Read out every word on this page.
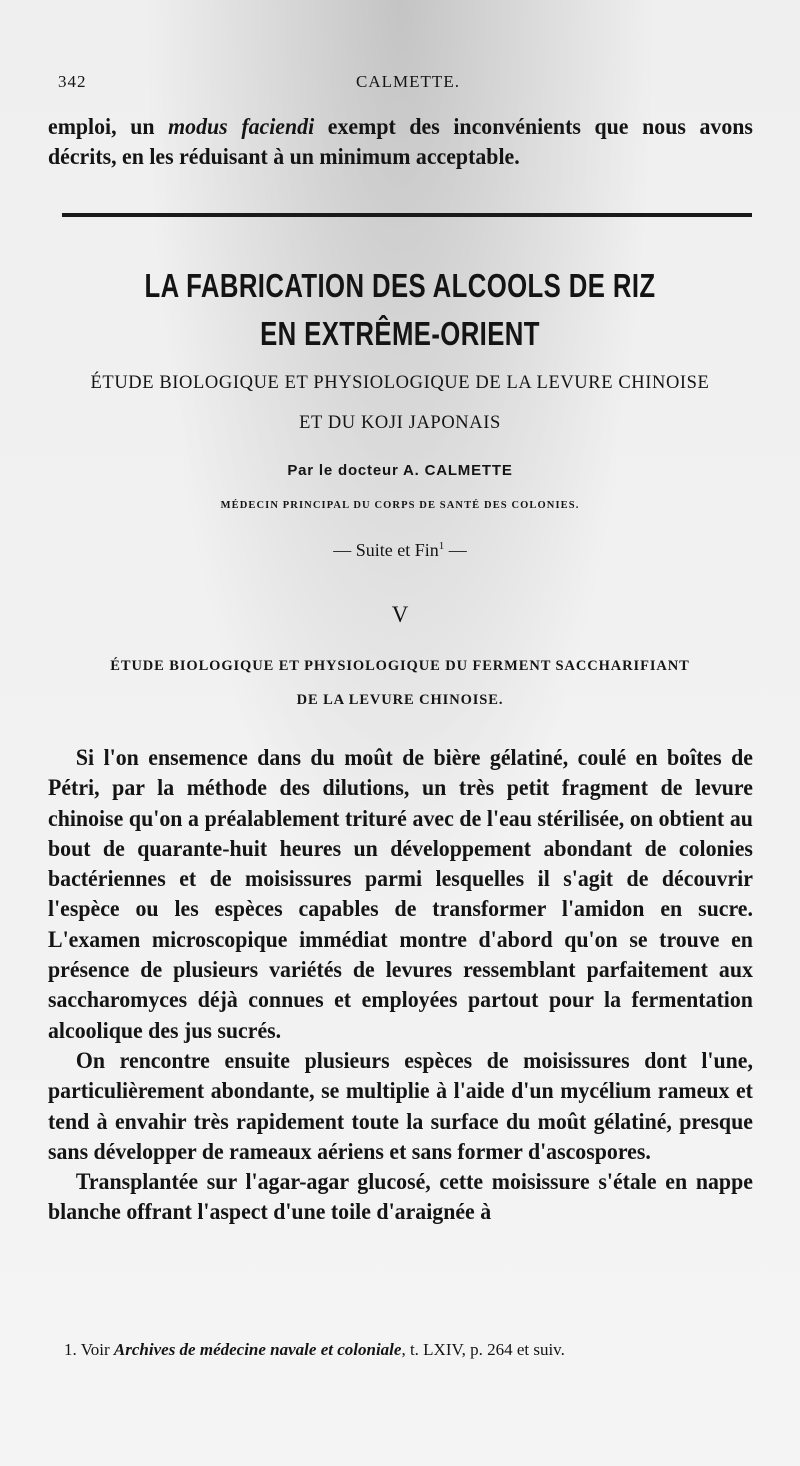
342	CALMETTE.

emploi, un modus faciendi exempt des inconvénients que nous avons décrits, en les réduisant à un minimum acceptable.

LA FABRICATION DES ALCOOLS DE RIZ
EN EXTRÊME-ORIENT
ÉTUDE BIOLOGIQUE ET PHYSIOLOGIQUE DE LA LEVURE CHINOISE
ET DU KOJI JAPONAIS
Par le docteur A. CALMETTE
MÉDECIN PRINCIPAL DU CORPS DE SANTÉ DES COLONIES.
— Suite et Fin$^1$ —
V
ÉTUDE BIOLOGIQUE ET PHYSIOLOGIQUE DU FERMENT SACCHARIFIANT
DE LA LEVURE CHINOISE.

Si l'on ensemence dans du moût de bière gélatiné, coulé en boîtes de Pétri, par la méthode des dilutions, un très petit fragment de levure chinoise qu'on a préalablement trituré avec de l'eau stérilisée, on obtient au bout de quarante-huit heures un développement abondant de colonies bactériennes et de moisissures parmi lesquelles il s'agit de découvrir l'espèce ou les espèces capables de transformer l'amidon en sucre. L'examen microscopique immédiat montre d'abord qu'on se trouve en présence de plusieurs variétés de levures ressemblant parfaitement aux saccharomyces déjà connues et employées partout pour la fermentation alcoolique des jus sucrés.

On rencontre ensuite plusieurs espèces de moisissures dont l'une, particulièrement abondante, se multiplie à l'aide d'un mycélium rameux et tend à envahir très rapidement toute la surface du moût gélatiné, presque sans développer de rameaux aériens et sans former d'ascospores.

Transplantée sur l'agar-agar glucosé, cette moisissure s'étale en nappe blanche offrant l'aspect d'une toile d'araignée à

1. Voir Archives de médecine navale et coloniale, t. LXIV, p. 264 et suiv.
